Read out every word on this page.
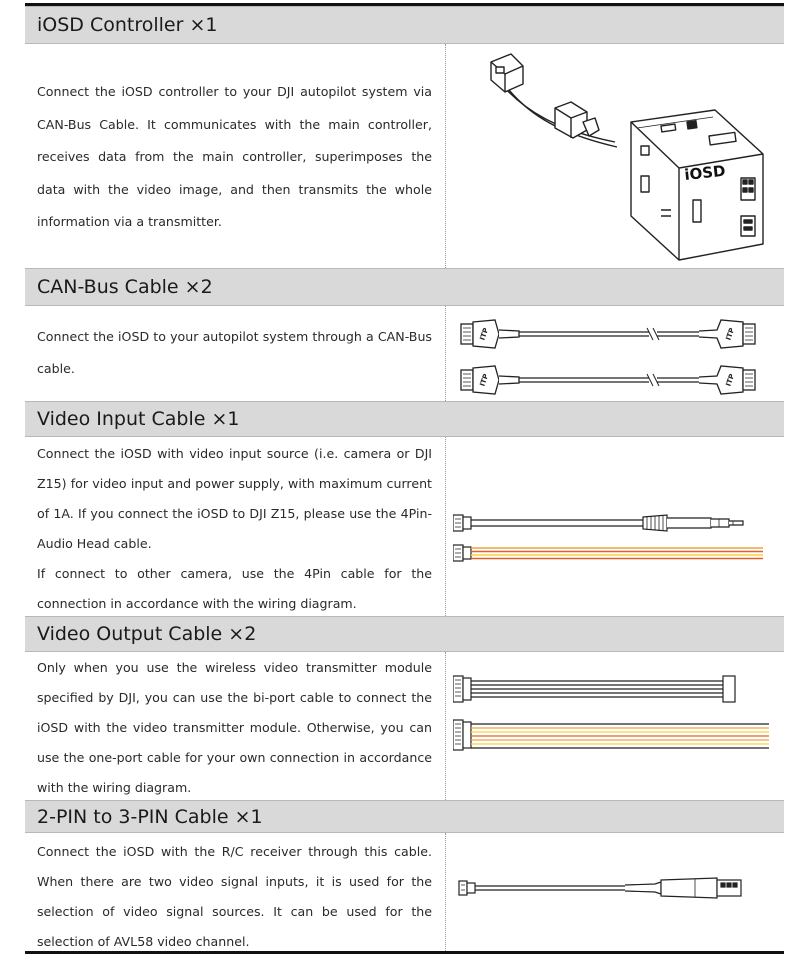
iOSD Controller ×1

Connect the iOSD controller to your DJI autopilot system via CAN-Bus Cable. It communicates with the main controller, receives data from the main controller, superimposes the data with the video image, and then transmits the whole information via a transmitter.

iOSD
CAN-Bus Cable ×2

Connect the iOSD to your autopilot system through a CAN-Bus cable.

ITP	ITP
ITP	ITP
Video Input Cable ×1

Connect the iOSD with video input source (i.e. camera or DJI Z15) for video input and power supply, with maximum current of 1A. If you connect the iOSD to DJI Z15, please use the 4Pin-Audio Head cable.

If connect to other camera, use the 4Pin cable for the connection in accordance with the wiring diagram.

Video Output Cable ×2

Only when you use the wireless video transmitter module specified by DJI, you can use the bi-port cable to connect the iOSD with the video transmitter module. Otherwise, you can use the one-port cable for your own connection in accordance with the wiring diagram.

2-PIN to 3-PIN Cable ×1

Connect the iOSD with the R/C receiver through this cable. When there are two video signal inputs, it is used for the selection of video signal sources. It can be used for the selection of AVL58 video channel.
